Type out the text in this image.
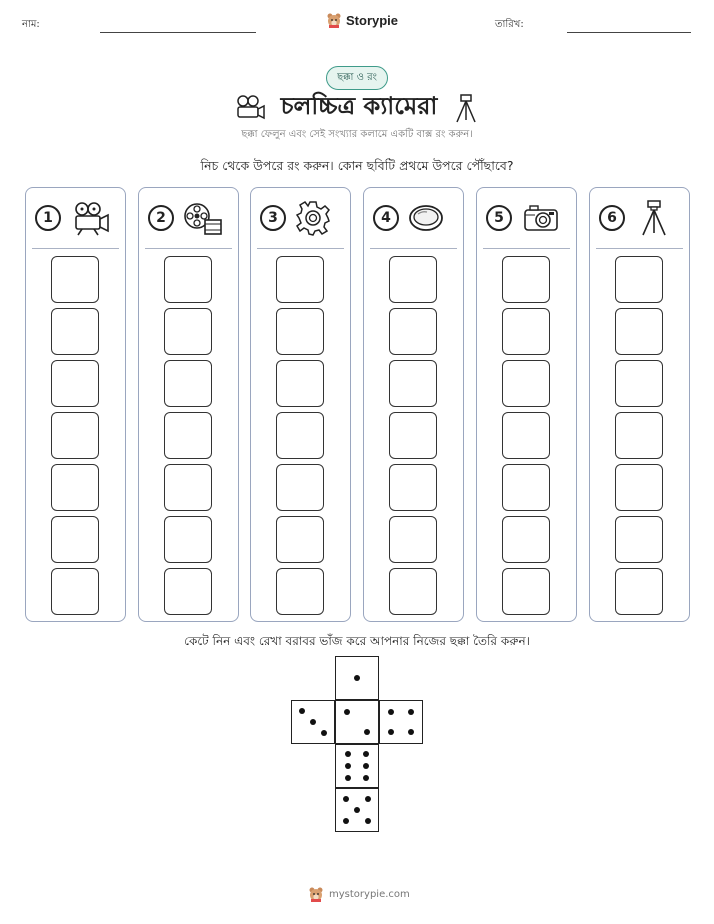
নাম:	Storypie	তারিখ:
ছক্কা ও রং
চলচ্চিত্র ক্যামেরা
ছক্কা ফেলুন এবং সেই সংখ্যার কলামে একটি বাক্স রং করুন।
নিচ থেকে উপরে রং করুন। কোন ছবিটি প্রথমে উপরে পৌঁছাবে?
1	2	3	4	5	6
কেটে নিন এবং রেখা বরাবর ভাঁজ করে আপনার নিজের ছক্কা তৈরি করুন।
mystorypie.com
